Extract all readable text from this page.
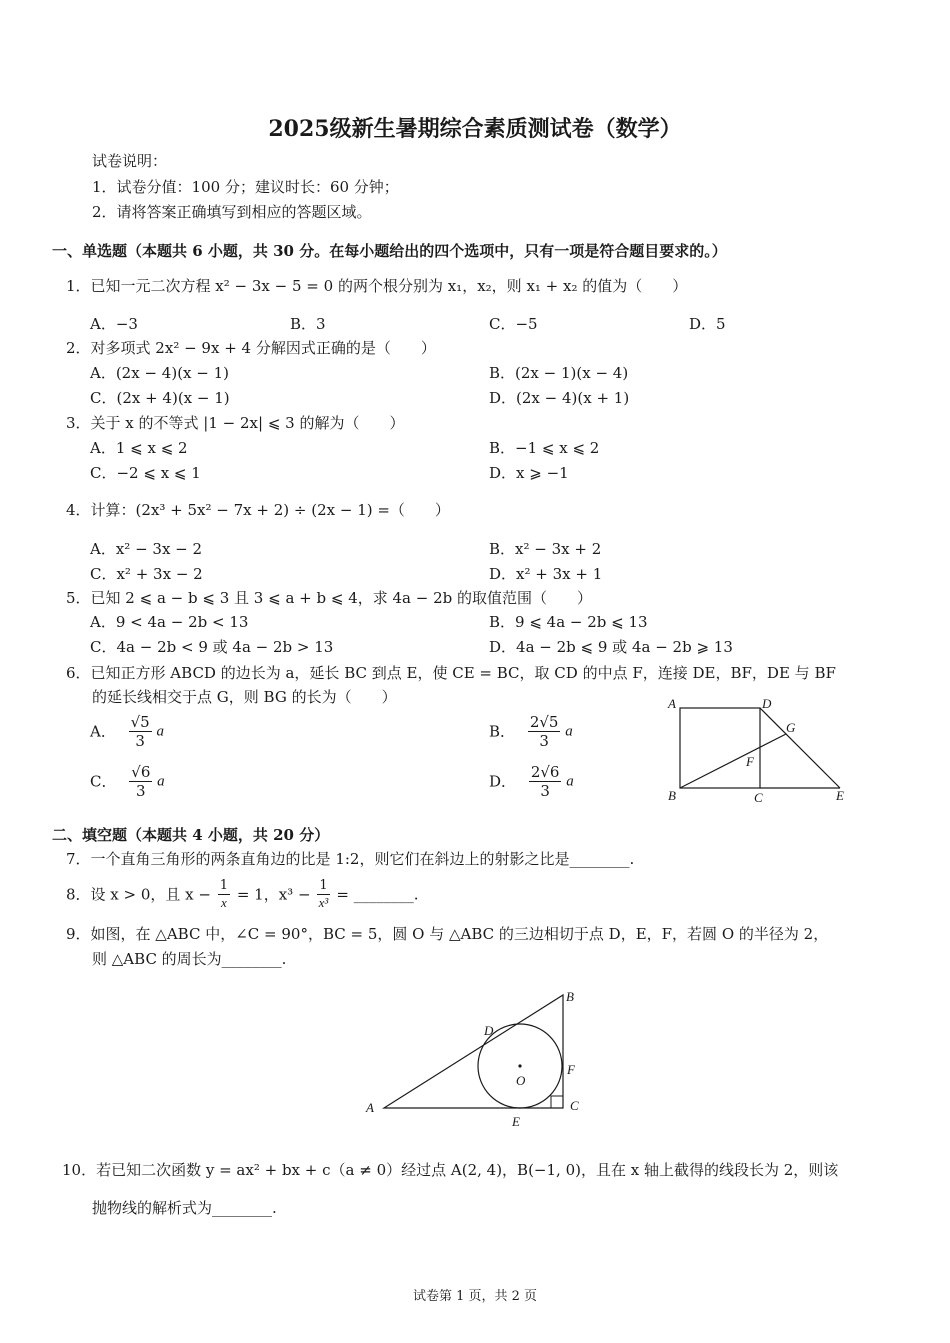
2025级新生暑期综合素质测试卷（数学）
试卷说明：
1．试卷分值：100 分；建议时长：60 分钟；
2．请将答案正确填写到相应的答题区域。
一、单选题（本题共 6 小题，共 30 分。在每小题给出的四个选项中，只有一项是符合题目要求的。）
1．已知一元二次方程 x² − 3x − 5 = 0 的两个根分别为 x₁，x₂，则 x₁ + x₂ 的值为（　　）
A．−3	B．3	C．−5	D．5
2．对多项式 2x² − 9x + 4 分解因式正确的是（　　）
A．(2x − 4)(x − 1)	B．(2x − 1)(x − 4)
C．(2x + 4)(x − 1)	D．(2x − 4)(x + 1)
3．关于 x 的不等式 |1 − 2x| ⩽ 3 的解为（　　）
A．1 ⩽ x ⩽ 2	B．−1 ⩽ x ⩽ 2
C．−2 ⩽ x ⩽ 1	D．x ⩾ −1
4．计算：(2x³ + 5x² − 7x + 2) ÷ (2x − 1) =（　　）
A．x² − 3x − 2	B．x² − 3x + 2
C．x² + 3x − 2	D．x² + 3x + 1
5．已知 2 ⩽ a − b ⩽ 3 且 3 ⩽ a + b ⩽ 4，求 4a − 2b 的取值范围（　　）
A．9 < 4a − 2b < 13	B．9 ⩽ 4a − 2b ⩽ 13
C．4a − 2b < 9 或 4a − 2b > 13	D．4a − 2b ⩽ 9 或 4a − 2b ⩾ 13
6．已知正方形 ABCD 的边长为 a，延长 BC 到点 E，使 CE = BC，取 CD 的中点 F，连接 DE，BF，DE 与 BF
的延长线相交于点 G，则 BG 的长为（　　）
A． $\frac{√5}{3}$ a	B． $\frac{2√5}{3}$ a
C． $\frac{√6}{3}$ a	D． $\frac{2√6}{3}$ a
A	D
G
F
B	C	E
二、填空题（本题共 4 小题，共 20 分）
7．一个直角三角形的两条直角边的比是 1:2，则它们在斜边上的射影之比是________.
8．设 x > 0，且 $x - \frac{1}{x} = 1$，$x^3 - \frac{1}{\text{x³}}$ = ________.
9．如图，在 △ABC 中，∠C = 90°，BC = 5，圆 O 与 △ABC 的三边相切于点 D，E，F，若圆 O 的半径为 2，
则 △ABC 的周长为________.
B
D
O
F
A
E
C
10．若已知二次函数 y = ax² + bx + c（a ≠ 0）经过点 A(2, 4)，B(−1, 0)，且在 x 轴上截得的线段长为 2，则该
抛物线的解析式为________.
试卷第 1 页，共 2 页
